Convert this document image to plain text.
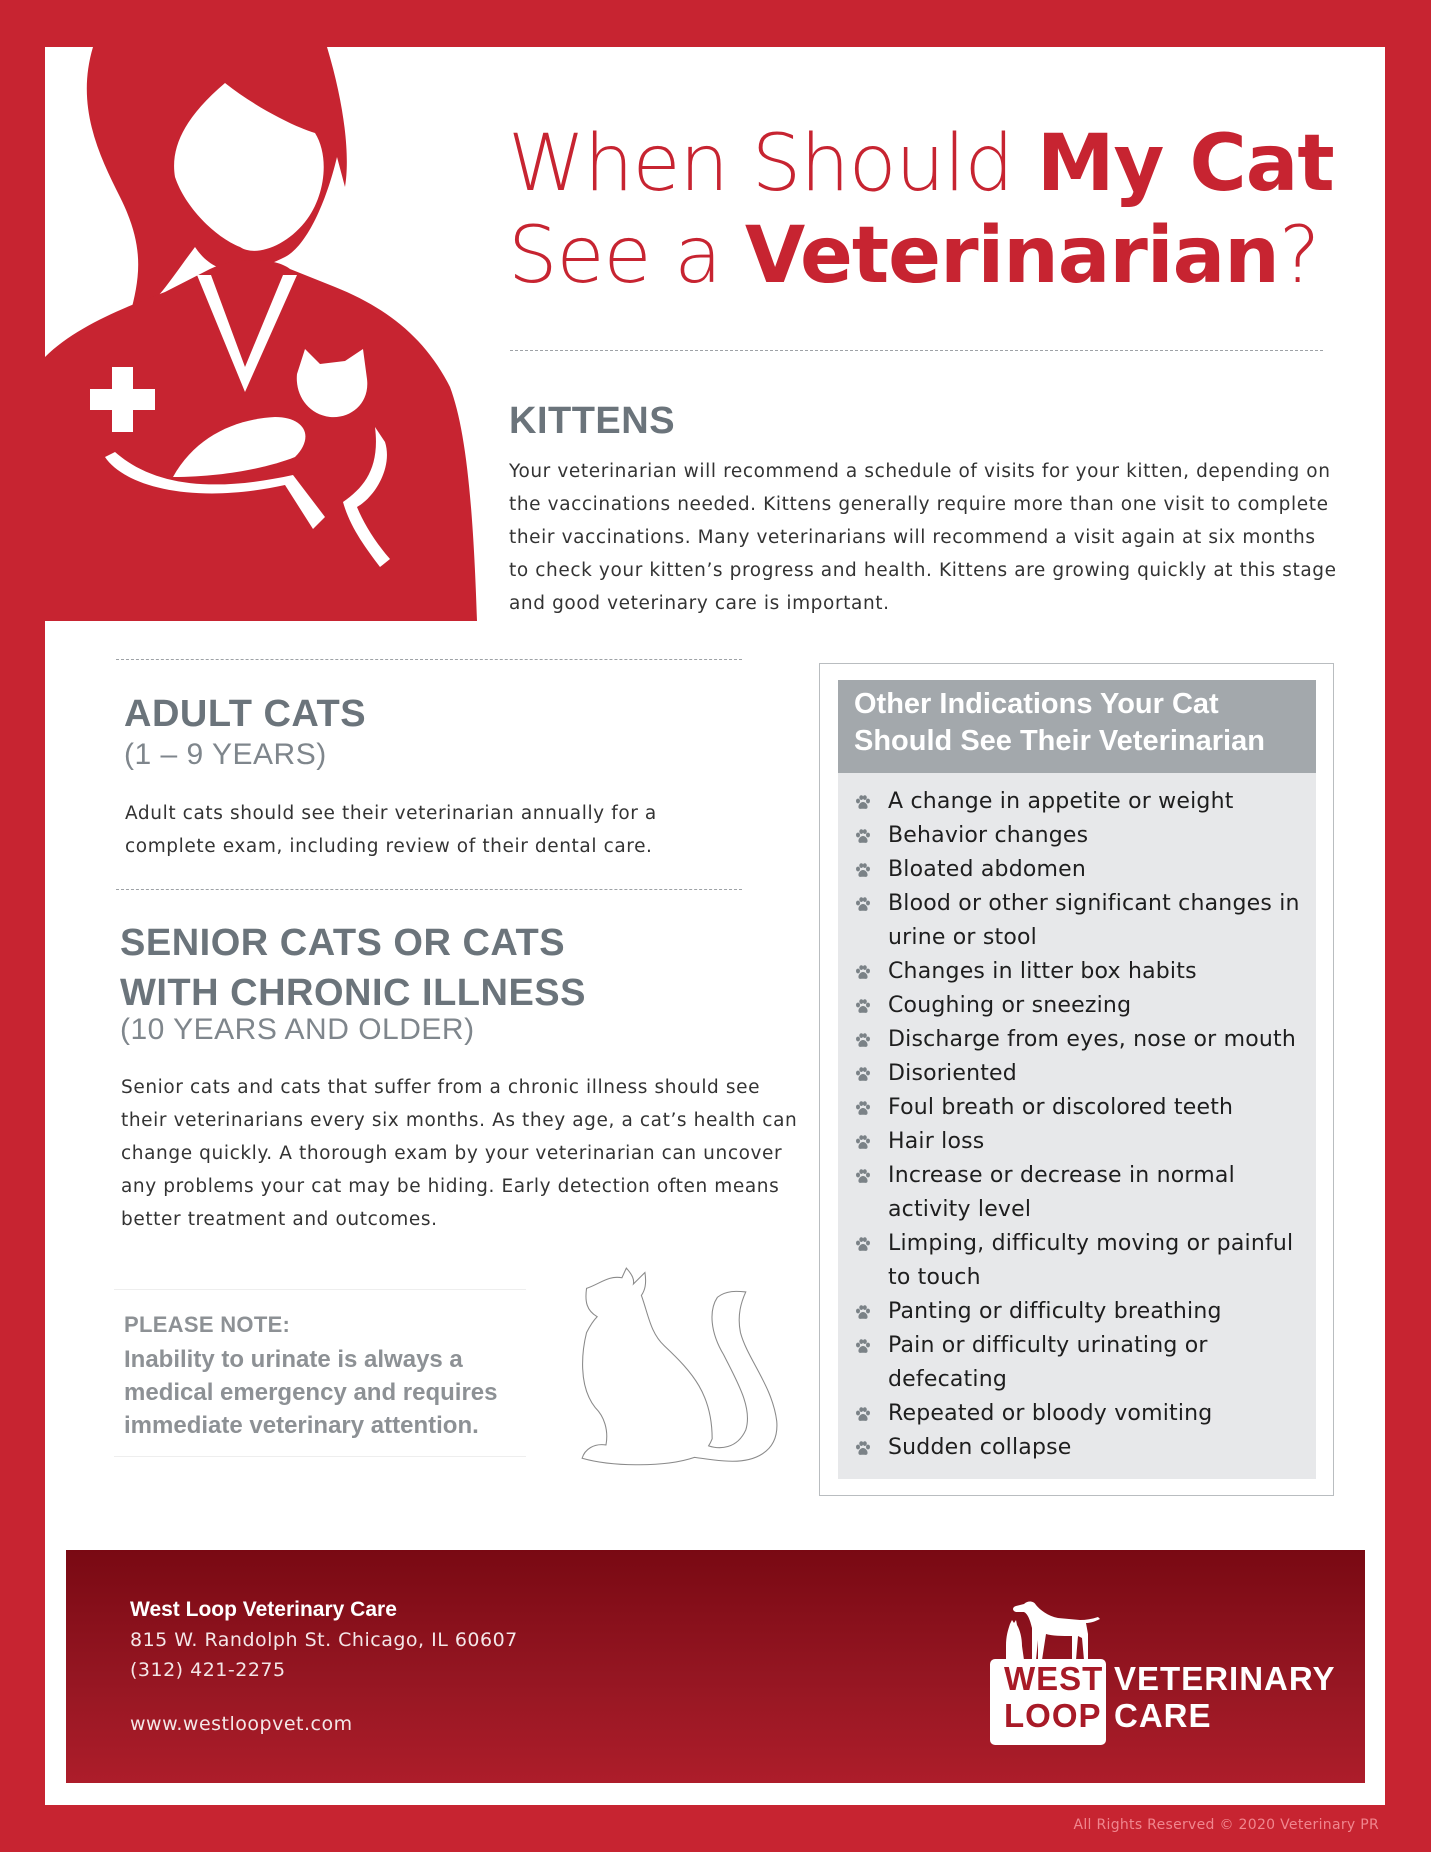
When Should My Cat
See a Veterinarian?
KITTENS
Your veterinarian will recommend a schedule of visits for your kitten, depending on the vaccinations needed. Kittens generally require more than one visit to complete their vaccinations. Many veterinarians will recommend a visit again at six months to check your kitten’s progress and health. Kittens are growing quickly at this stage and good veterinary care is important.
ADULT CATS
(1 – 9 YEARS)
Adult cats should see their veterinarian annually for a complete exam, including review of their dental care.
SENIOR CATS OR CATS
WITH CHRONIC ILLNESS
(10 YEARS AND OLDER)
Senior cats and cats that suffer from a chronic illness should see their veterinarians every six months. As they age, a cat’s health can change quickly. A thorough exam by your veterinarian can uncover any problems your cat may be hiding. Early detection often means better treatment and outcomes.
PLEASE NOTE:
Inability to urinate is always a medical emergency and requires immediate veterinary attention.
Other Indications Your Cat Should See Their Veterinarian
A change in appetite or weight
Behavior changes
Bloated abdomen
Blood or other significant changes in urine or stool
Changes in litter box habits
Coughing or sneezing
Discharge from eyes, nose or mouth
Disoriented
Foul breath or discolored teeth
Hair loss
Increase or decrease in normal activity level
Limping, difficulty moving or painful to touch
Panting or difficulty breathing
Pain or difficulty urinating or defecating
Repeated or bloody vomiting
Sudden collapse
West Loop Veterinary Care
815 W. Randolph St. Chicago, IL 60607
(312) 421-2275
www.westloopvet.com
WEST
LOOP
VETERINARY
CARE
All Rights Reserved © 2020 Veterinary PR
